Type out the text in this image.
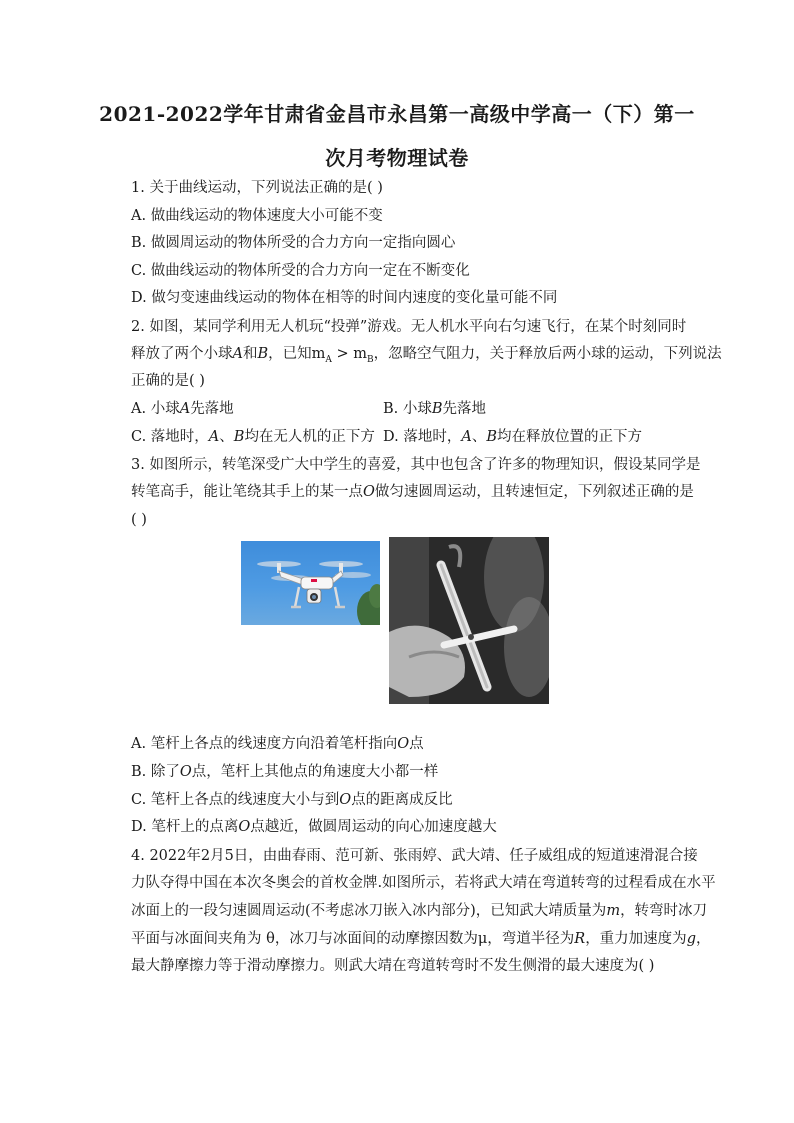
2021-2022学年甘肃省金昌市永昌第一高级中学高一（下）第一
次月考物理试卷
1. 关于曲线运动，下列说法正确的是( )
A. 做曲线运动的物体速度大小可能不变
B. 做圆周运动的物体所受的合力方向一定指向圆心
C. 做曲线运动的物体所受的合力方向一定在不断变化
D. 做匀变速曲线运动的物体在相等的时间内速度的变化量可能不同
2. 如图，某同学利用无人机玩“投弹”游戏。无人机水平向右匀速飞行，在某个时刻同时
释放了两个小球A和B，已知$m_A > m_B$，忽略空气阻力，关于释放后两小球的运动，下列说法
正确的是( )
A. 小球A先落地	B. 小球B先落地
C. 落地时，A、B均在无人机的正下方 D. 落地时，A、B均在释放位置的正下方
3. 如图所示，转笔深受广大中学生的喜爱，其中也包含了许多的物理知识，假设某同学是
转笔高手，能让笔绕其手上的某一点O做匀速圆周运动，且转速恒定，下列叙述正确的是
( )
A. 笔杆上各点的线速度方向沿着笔杆指向O点
B. 除了O点，笔杆上其他点的角速度大小都一样
C. 笔杆上各点的线速度大小与到O点的距离成反比
D. 笔杆上的点离O点越近，做圆周运动的向心加速度越大
4. 2022年2月5日，由曲春雨、范可新、张雨婷、武大靖、任子威组成的短道速滑混合接
力队夺得中国在本次冬奥会的首枚金牌.如图所示，若将武大靖在弯道转弯的过程看成在水平
冰面上的一段匀速圆周运动(不考虑冰刀嵌入冰内部分)，已知武大靖质量为m，转弯时冰刀
平面与冰面间夹角为 θ，冰刀与冰面间的动摩擦因数为μ，弯道半径为R，重力加速度为g，
最大静摩擦力等于滑动摩擦力。则武大靖在弯道转弯时不发生侧滑的最大速度为( )
